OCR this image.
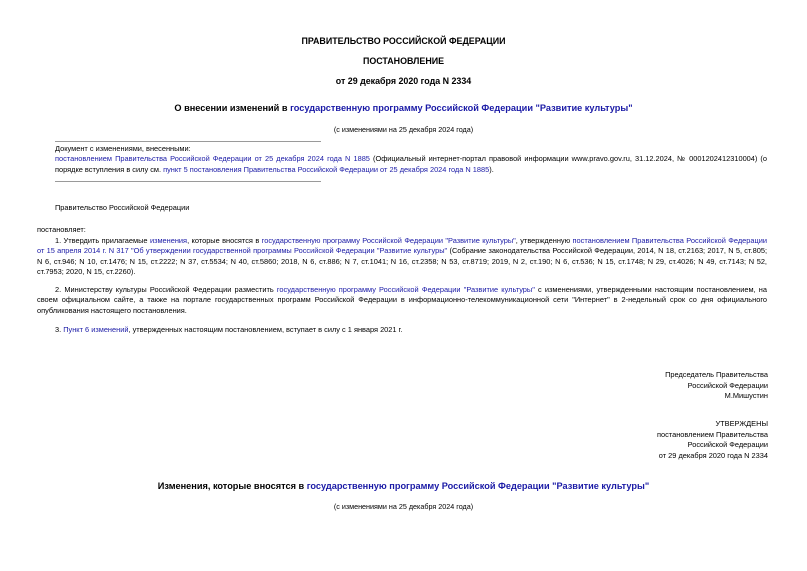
ПРАВИТЕЛЬСТВО РОССИЙСКОЙ ФЕДЕРАЦИИ
ПОСТАНОВЛЕНИЕ
от 29 декабря 2020 года N 2334
О внесении изменений в государственную программу Российской Федерации "Развитие культуры"
(с изменениями на 25 декабря 2024 года)
Документ с изменениями, внесенными:
постановлением Правительства Российской Федерации от 25 декабря 2024 года N 1885 (Официальный интернет-портал правовой информации www.pravo.gov.ru, 31.12.2024, № 0001202412310004) (о порядке вступления в силу см. пункт 5 постановления Правительства Российской Федерации от 25 декабря 2024 года N 1885).
Правительство Российской Федерации
постановляет:
1. Утвердить прилагаемые изменения, которые вносятся в государственную программу Российской Федерации "Развитие культуры", утвержденную постановлением Правительства Российской Федерации от 15 апреля 2014 г. N 317 "Об утверждении государственной программы Российской Федерации "Развитие культуры" (Собрание законодательства Российской Федерации, 2014, N 18, ст.2163; 2017, N 5, ст.805; N 6, ст.946; N 10, ст.1476; N 15, ст.2222; N 37, ст.5534; N 40, ст.5860; 2018, N 6, ст.886; N 7, ст.1041; N 16, ст.2358; N 53, ст.8719; 2019, N 2, ст.190; N 6, ст.536; N 15, ст.1748; N 29, ст.4026; N 49, ст.7143; N 52, ст.7953; 2020, N 15, ст.2260).
2. Министерству культуры Российской Федерации разместить государственную программу Российской Федерации "Развитие культуры" с изменениями, утвержденными настоящим постановлением, на своем официальном сайте, а также на портале государственных программ Российской Федерации в информационно-телекоммуникационной сети "Интернет" в 2-недельный срок со дня официального опубликования настоящего постановления.
3. Пункт 6 изменений, утвержденных настоящим постановлением, вступает в силу с 1 января 2021 г.
Председатель Правительства
Российской Федерации
М.Мишустин
УТВЕРЖДЕНЫ
постановлением Правительства
Российской Федерации
от 29 декабря 2020 года N 2334
Изменения, которые вносятся в государственную программу Российской Федерации "Развитие культуры"
(с изменениями на 25 декабря 2024 года)
